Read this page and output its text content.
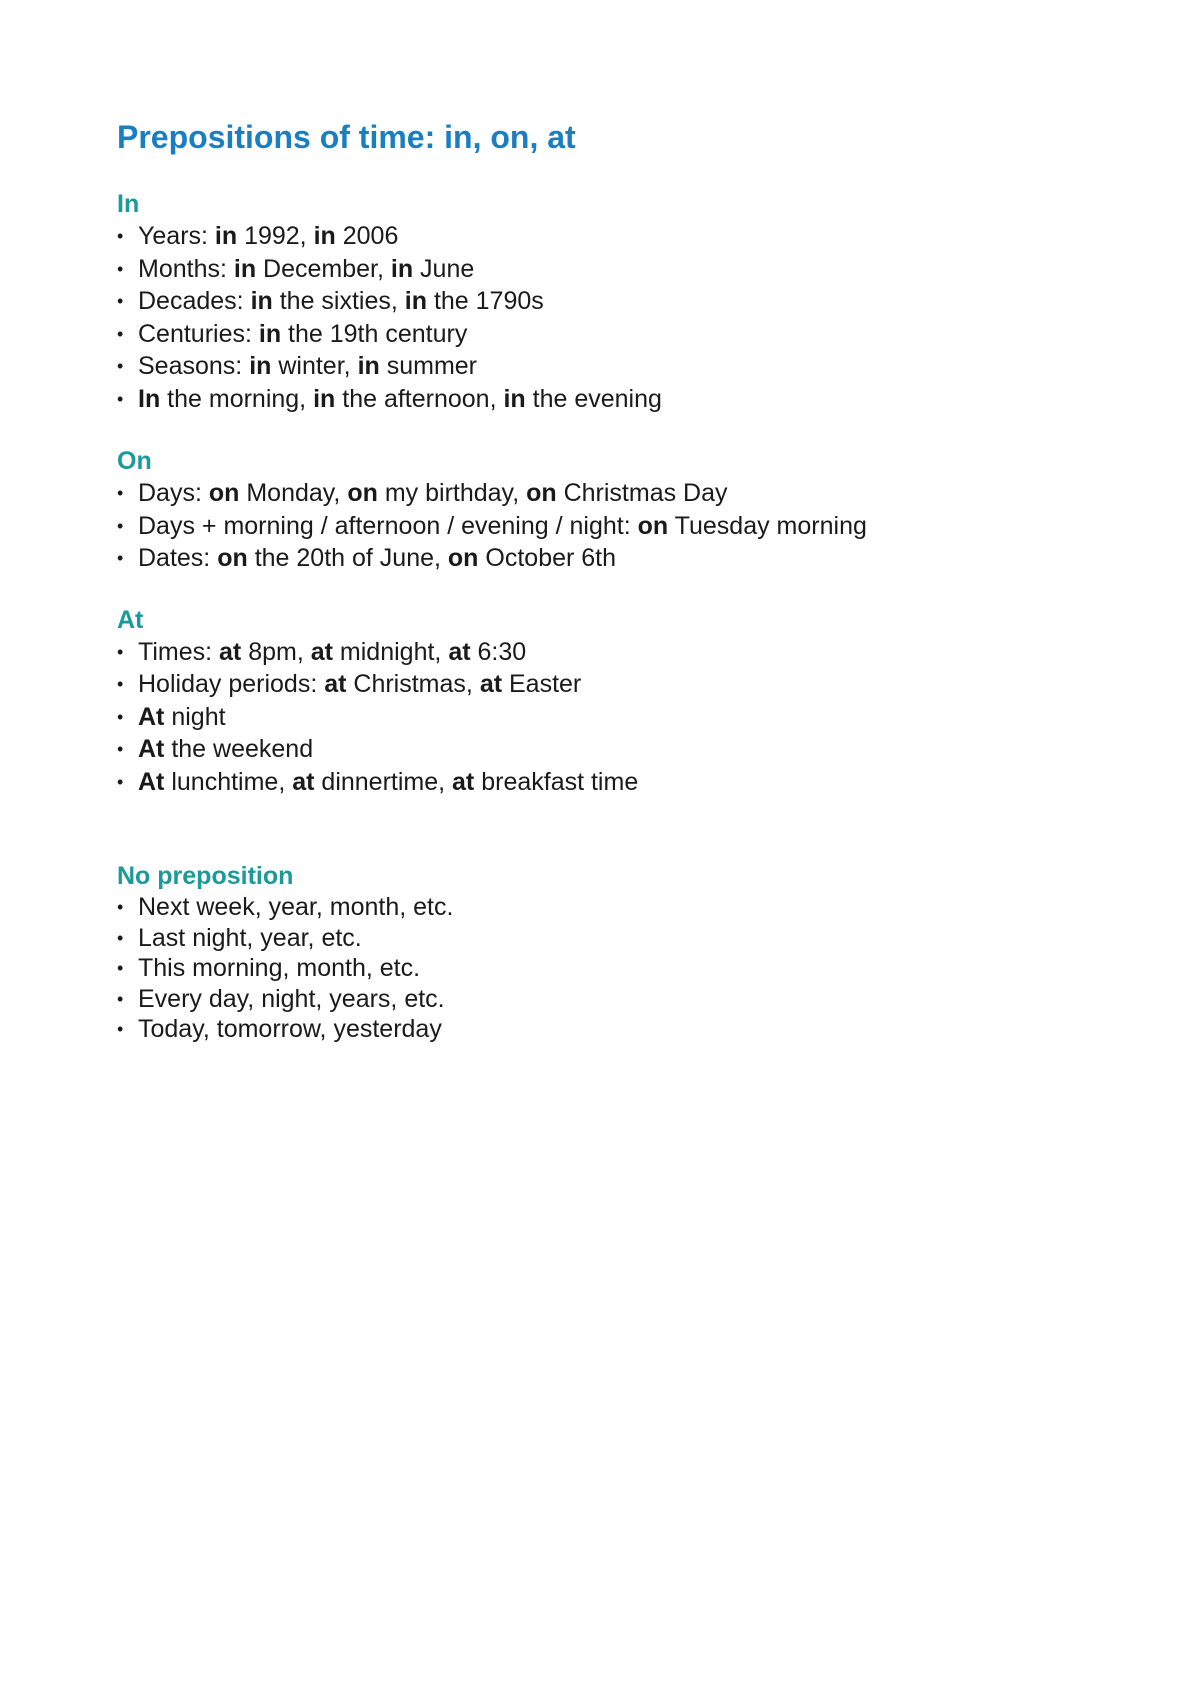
Prepositions of time: in, on, at
In
• Years: in 1992, in 2006
• Months: in December, in June
• Decades: in the sixties, in the 1790s
• Centuries: in the 19th century
• Seasons: in winter, in summer
• In the morning, in the afternoon, in the evening
On
• Days: on Monday, on my birthday, on Christmas Day
• Days + morning / afternoon / evening / night: on Tuesday morning
• Dates: on the 20th of June, on October 6th
At
• Times: at 8pm, at midnight, at 6:30
• Holiday periods: at Christmas, at Easter
• At night
• At the weekend
• At lunchtime, at dinnertime, at breakfast time
No preposition
• Next week, year, month, etc.
• Last night, year, etc.
• This morning, month, etc.
• Every day, night, years, etc.
• Today, tomorrow, yesterday
